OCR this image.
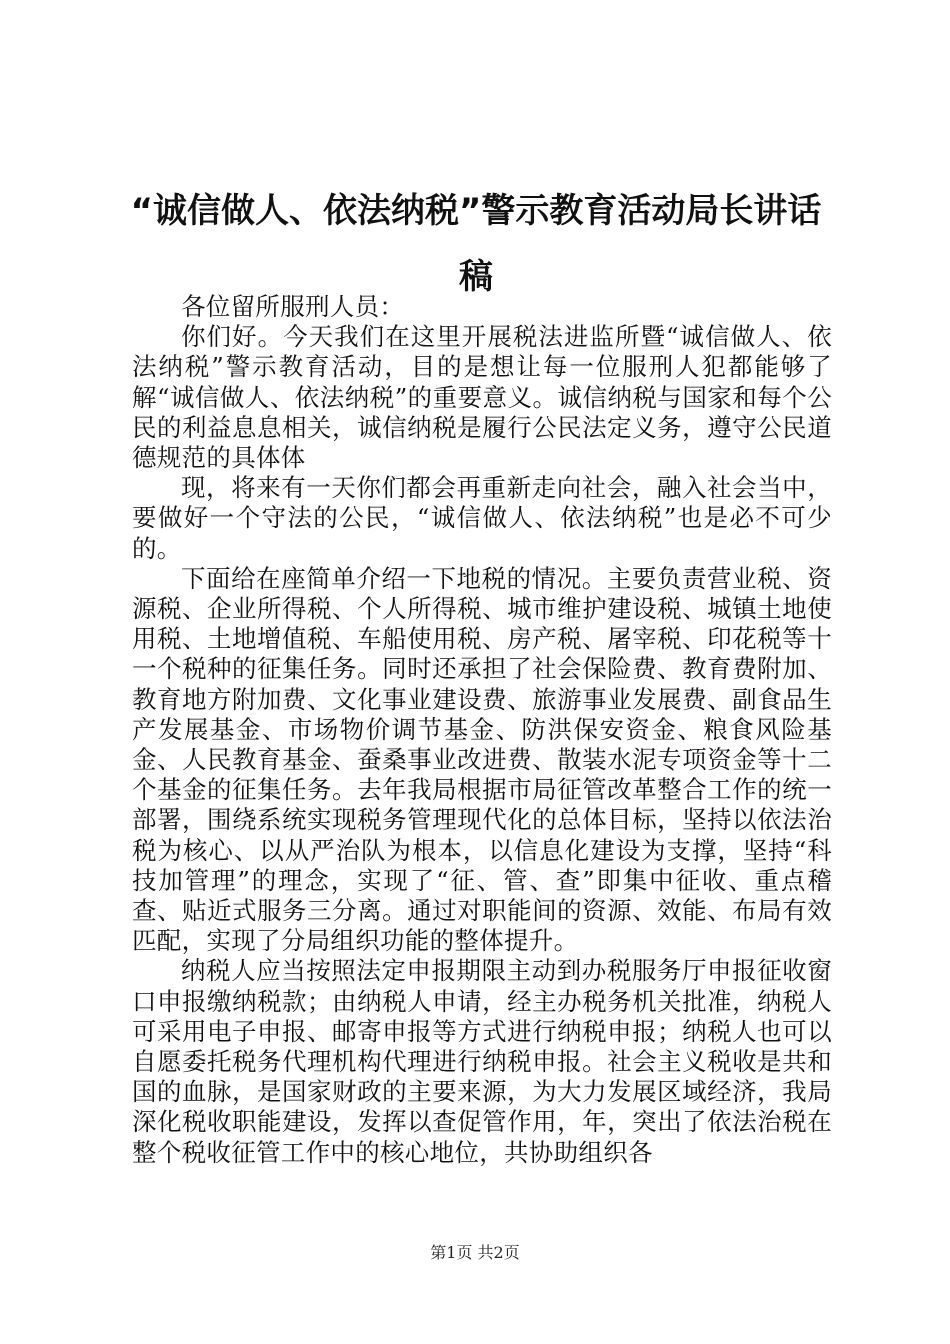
“诚信做人、依法纳税”警示教育活动局长讲话稿

各位留所服刑人员：

你们好。今天我们在这里开展税法进监所暨“诚信做人、依法纳税”警示教育活动，目的是想让每一位服刑人犯都能够了解“诚信做人、依法纳税”的重要意义。诚信纳税与国家和每个公民的利益息息相关，诚信纳税是履行公民法定义务，遵守公民道德规范的具体体

现，将来有一天你们都会再重新走向社会，融入社会当中，要做好一个守法的公民，“诚信做人、依法纳税”也是必不可少的。

下面给在座简单介绍一下地税的情况。主要负责营业税、资源税、企业所得税、个人所得税、城市维护建设税、城镇土地使用税、土地增值税、车船使用税、房产税、屠宰税、印花税等十一个税种的征集任务。同时还承担了社会保险费、教育费附加、教育地方附加费、文化事业建设费、旅游事业发展费、副食品生产发展基金、市场物价调节基金、防洪保安资金、粮食风险基金、人民教育基金、蚕桑事业改进费、散装水泥专项资金等十二个基金的征集任务。去年我局根据市局征管改革整合工作的统一部署，围绕系统实现税务管理现代化的总体目标，坚持以依法治税为核心、以从严治队为根本，以信息化建设为支撑，坚持“科技加管理”的理念，实现了“征、管、查”即集中征收、重点稽查、贴近式服务三分离。通过对职能间的资源、效能、布局有效匹配，实现了分局组织功能的整体提升。

纳税人应当按照法定申报期限主动到办税服务厅申报征收窗口申报缴纳税款；由纳税人申请，经主办税务机关批准，纳税人可采用电子申报、邮寄申报等方式进行纳税申报；纳税人也可以自愿委托税务代理机构代理进行纳税申报。社会主义税收是共和国的血脉，是国家财政的主要来源，为大力发展区域经济，我局深化税收职能建设，发挥以查促管作用，年，突出了依法治税在整个税收征管工作中的核心地位，共协助组织各

第1页 共2页
